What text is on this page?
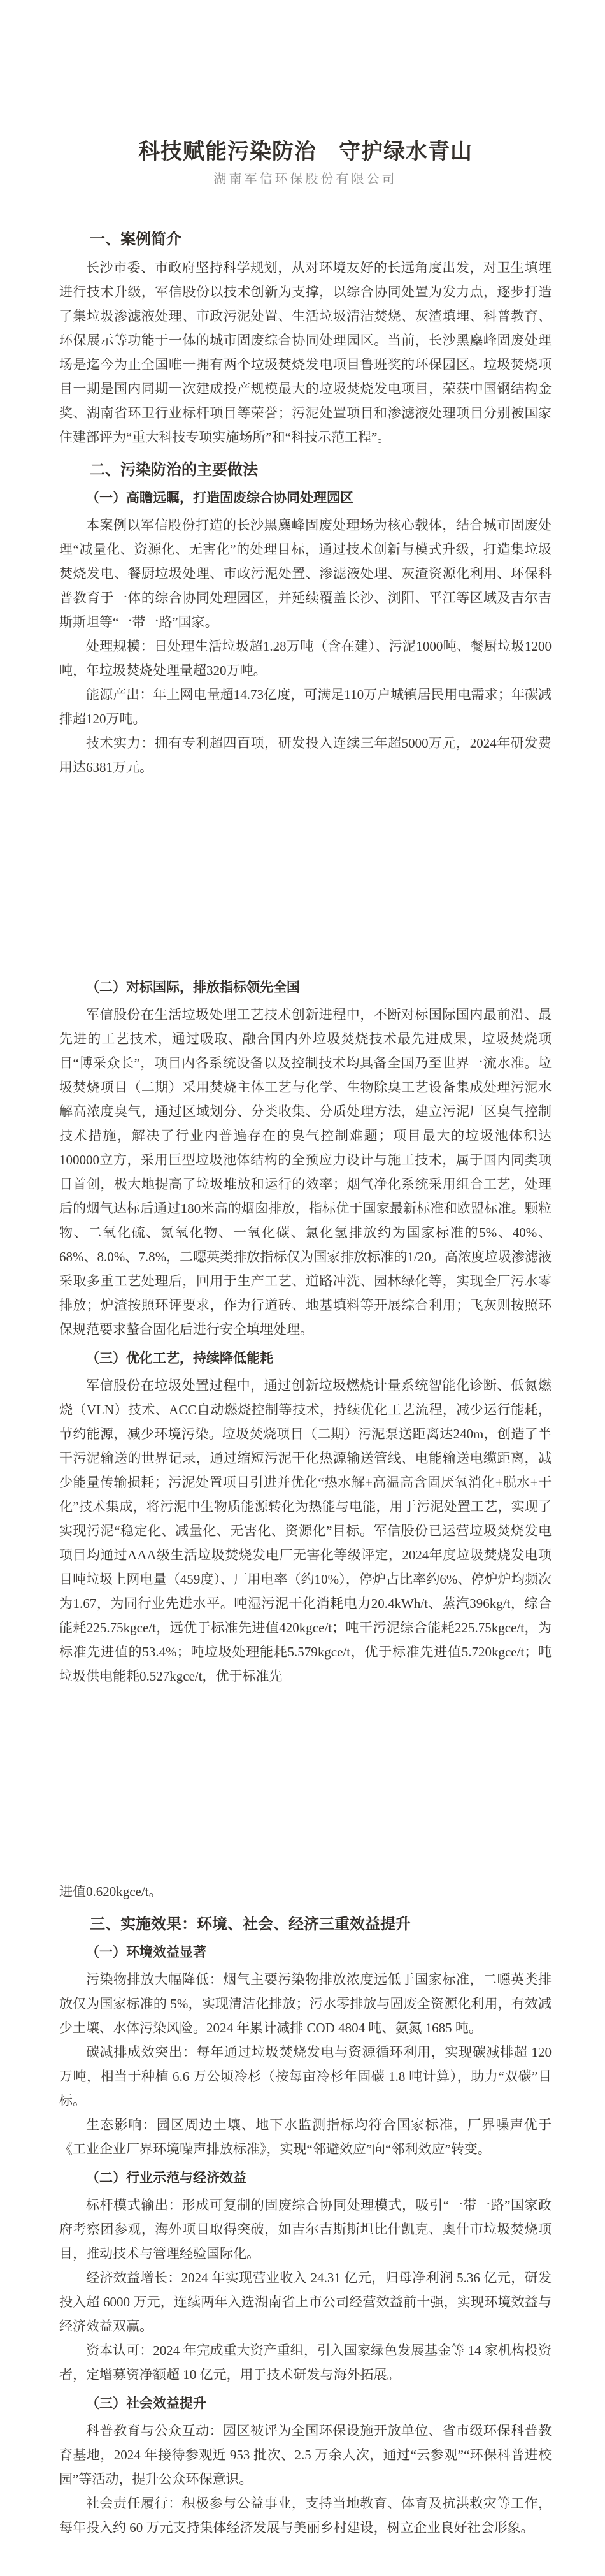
科技赋能污染防治　守护绿水青山
湖南军信环保股份有限公司
一、案例简介

长沙市委、市政府坚持科学规划，从对环境友好的长远角度出发，对卫生填埋进行技术升级，军信股份以技术创新为支撑，以综合协同处置为发力点，逐步打造了集垃圾渗滤液处理、市政污泥处置、生活垃圾清洁焚烧、灰渣填埋、科普教育、环保展示等功能于一体的城市固废综合协同处理园区。当前，长沙黑麋峰固废处理场是迄今为止全国唯一拥有两个垃圾焚烧发电项目鲁班奖的环保园区。垃圾焚烧项目一期是国内同期一次建成投产规模最大的垃圾焚烧发电项目，荣获中国钢结构金奖、湖南省环卫行业标杆项目等荣誉；污泥处置项目和渗滤液处理项目分别被国家住建部评为“重大科技专项实施场所”和“科技示范工程”。

二、污染防治的主要做法
（一）高瞻远瞩，打造固废综合协同处理园区

本案例以军信股份打造的长沙黑麋峰固废处理场为核心载体，结合城市固废处理“减量化、资源化、无害化”的处理目标，通过技术创新与模式升级，打造集垃圾焚烧发电、餐厨垃圾处理、市政污泥处置、渗滤液处理、灰渣资源化利用、环保科普教育于一体的综合协同处理园区，并延续覆盖长沙、浏阳、平江等区域及吉尔吉斯斯坦等“一带一路”国家。

处理规模：日处理生活垃圾超1.28万吨（含在建）、污泥1000吨、餐厨垃圾1200吨，年垃圾焚烧处理量超320万吨。

能源产出：年上网电量超14.73亿度，可满足110万户城镇居民用电需求；年碳减排超120万吨。

技术实力：拥有专利超四百项，研发投入连续三年超5000万元，2024年研发费用达6381万元。

（二）对标国际，排放指标领先全国

军信股份在生活垃圾处理工艺技术创新进程中，不断对标国际国内最前沿、最先进的工艺技术，通过吸取、融合国内外垃圾焚烧技术最先进成果，垃圾焚烧项目“博采众长”，项目内各系统设备以及控制技术均具备全国乃至世界一流水准。垃圾焚烧项目（二期）采用焚烧主体工艺与化学、生物除臭工艺设备集成处理污泥水解高浓度臭气，通过区域划分、分类收集、分质处理方法，建立污泥厂区臭气控制技术措施，解决了行业内普遍存在的臭气控制难题；项目最大的垃圾池体积达100000立方，采用巨型垃圾池体结构的全预应力设计与施工技术，属于国内同类项目首创，极大地提高了垃圾堆放和运行的效率；烟气净化系统采用组合工艺，处理后的烟气达标后通过180米高的烟囱排放，指标优于国家最新标准和欧盟标准。颗粒物、二氧化硫、氮氧化物、一氧化碳、氯化氢排放约为国家标准的5%、40%、68%、8.0%、7.8%，二噁英类排放指标仅为国家排放标准的1/20。高浓度垃圾渗滤液采取多重工艺处理后，回用于生产工艺、道路冲洗、园林绿化等，实现全厂污水零排放；炉渣按照环评要求，作为行道砖、地基填料等开展综合利用；飞灰则按照环保规范要求螯合固化后进行安全填埋处理。

（三）优化工艺，持续降低能耗

军信股份在垃圾处置过程中，通过创新垃圾燃烧计量系统智能化诊断、低氮燃烧（VLN）技术、ACC自动燃烧控制等技术，持续优化工艺流程，减少运行能耗，节约能源，减少环境污染。垃圾焚烧项目（二期）污泥泵送距离达240m，创造了半干污泥输送的世界记录，通过缩短污泥干化热源输送管线、电能输送电缆距离，减少能量传输损耗；污泥处置项目引进并优化“热水解+高温高含固厌氧消化+脱水+干化”技术集成，将污泥中生物质能源转化为热能与电能，用于污泥处置工艺，实现了实现污泥“稳定化、减量化、无害化、资源化”目标。军信股份已运营垃圾焚烧发电项目均通过AAA级生活垃圾焚烧发电厂无害化等级评定，2024年度垃圾焚烧发电项目吨垃圾上网电量（459度）、厂用电率（约10%），停炉占比率约6%、停炉炉均频次为1.67，为同行业先进水平。吨湿污泥干化消耗电力20.4kWh/t、蒸汽396kg/t，综合能耗225.75kgce/t，远优于标准先进值420kgce/t；吨干污泥综合能耗225.75kgce/t，为标准先进值的53.4%；吨垃圾处理能耗5.579kgce/t，优于标准先进值5.720kgce/t；吨垃圾供电能耗0.527kgce/t，优于标准先

进值0.620kgce/t。

三、实施效果：环境、社会、经济三重效益提升
（一）环境效益显著

污染物排放大幅降低：烟气主要污染物排放浓度远低于国家标准，二噁英类排放仅为国家标准的 5%，实现清洁化排放；污水零排放与固废全资源化利用，有效减少土壤、水体污染风险。2024 年累计减排 COD 4804 吨、氨氮 1685 吨。

碳减排成效突出：每年通过垃圾焚烧发电与资源循环利用，实现碳减排超 120 万吨，相当于种植 6.6 万公顷冷杉（按每亩冷杉年固碳 1.8 吨计算），助力“双碳”目标。

生态影响：园区周边土壤、地下水监测指标均符合国家标准，厂界噪声优于《工业企业厂界环境噪声排放标准》，实现“邻避效应”向“邻利效应”转变。

（二）行业示范与经济效益

标杆模式输出：形成可复制的固废综合协同处理模式，吸引“一带一路”国家政府考察团参观，海外项目取得突破，如吉尔吉斯斯坦比什凯克、奥什市垃圾焚烧项目，推动技术与管理经验国际化。

经济效益增长：2024 年实现营业收入 24.31 亿元，归母净利润 5.36 亿元，研发投入超 6000 万元，连续两年入选湖南省上市公司经营效益前十强，实现环境效益与经济效益双赢。

资本认可：2024 年完成重大资产重组，引入国家绿色发展基金等 14 家机构投资者，定增募资净额超 10 亿元，用于技术研发与海外拓展。

（三）社会效益提升

科普教育与公众互动：园区被评为全国环保设施开放单位、省市级环保科普教育基地，2024 年接待参观近 953 批次、2.5 万余人次，通过“云参观”“环保科普进校园”等活动，提升公众环保意识。

社会责任履行：积极参与公益事业，支持当地教育、体育及抗洪救灾等工作，每年投入约 60 万元支持集体经济发展与美丽乡村建设，树立企业良好社会形象。
